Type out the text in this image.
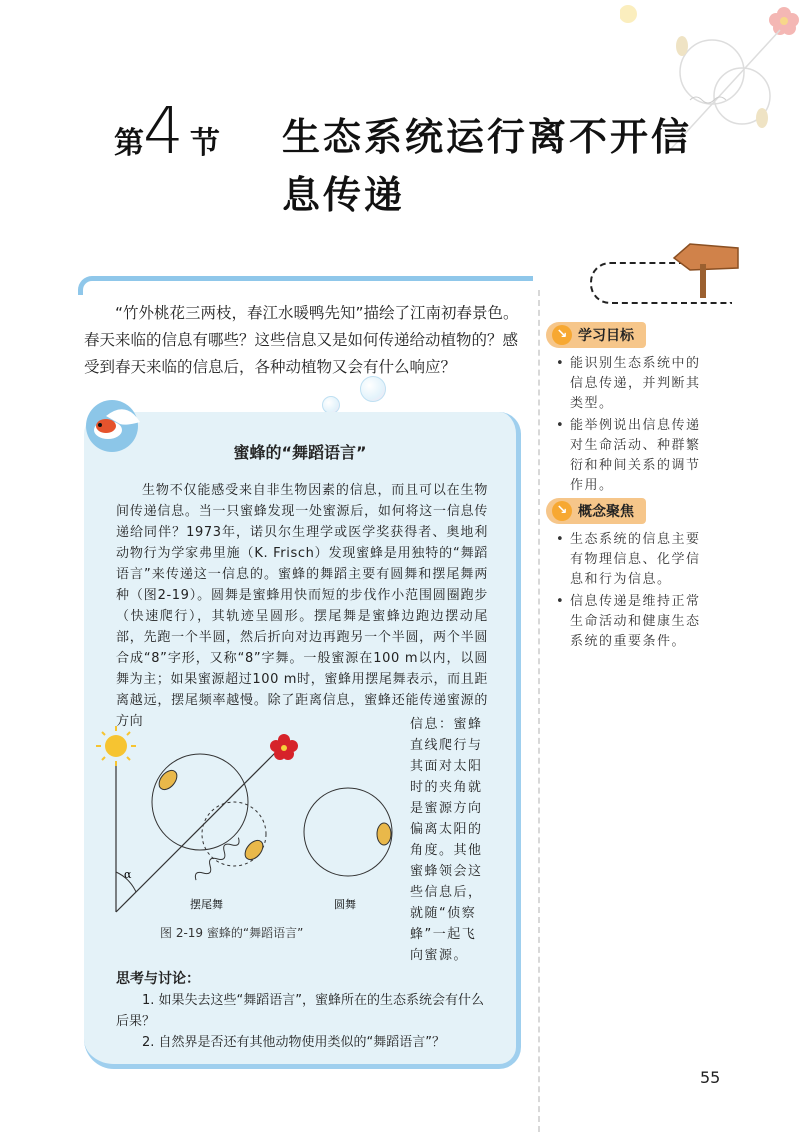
第 4 节 生态系统运行离不开信息传递
“竹外桃花三两枝，春江水暖鸭先知”描绘了江南初春景色。春天来临的信息有哪些？这些信息又是如何传递给动植物的？感受到春天来临的信息后，各种动植物又会有什么响应？
↘ 学习目标
• 能识别生态系统中的信息传递，并判断其类型。
• 能举例说出信息传递对生命活动、种群繁衍和种间关系的调节作用。
↘ 概念聚焦
• 生态系统的信息主要有物理信息、化学信息和行为信息。
• 信息传递是维持正常生命活动和健康生态系统的重要条件。
蜜蜂的“舞蹈语言”
生物不仅能感受来自非生物因素的信息，而且可以在生物间传递信息。当一只蜜蜂发现一处蜜源后，如何将这一信息传递给同伴？1973年，诺贝尔生理学或医学奖获得者、奥地利动物行为学家弗里施（K. Frisch）发现蜜蜂是用独特的“舞蹈语言”来传递这一信息的。蜜蜂的舞蹈主要有圆舞和摆尾舞两种（图2-19）。圆舞是蜜蜂用快而短的步伐作小范围圆圈跑步（快速爬行），其轨迹呈圆形。摆尾舞是蜜蜂边跑边摆动尾部，先跑一个半圆，然后折向对边再跑另一个半圆，两个半圆合成“8”字形，又称“8”字舞。一般蜜源在100 m以内，以圆舞为主；如果蜜源超过100 m时，蜜蜂用摆尾舞表示，而且距离越远，摆尾频率越慢。除了距离信息，蜜蜂还能传递蜜源的方向	信息：蜜蜂直线爬行与其面对太阳时的夹角就是蜜源方向偏离太阳的角度。其他蜜蜂领会这些信息后，就随“侦察蜂”一起飞向蜜源。
α
摆尾舞	圆舞
图 2-19 蜜蜂的“舞蹈语言”
思考与讨论：
1. 如果失去这些“舞蹈语言”，蜜蜂所在的生态系统会有什么后果？
2. 自然界是否还有其他动物使用类似的“舞蹈语言”？
55
